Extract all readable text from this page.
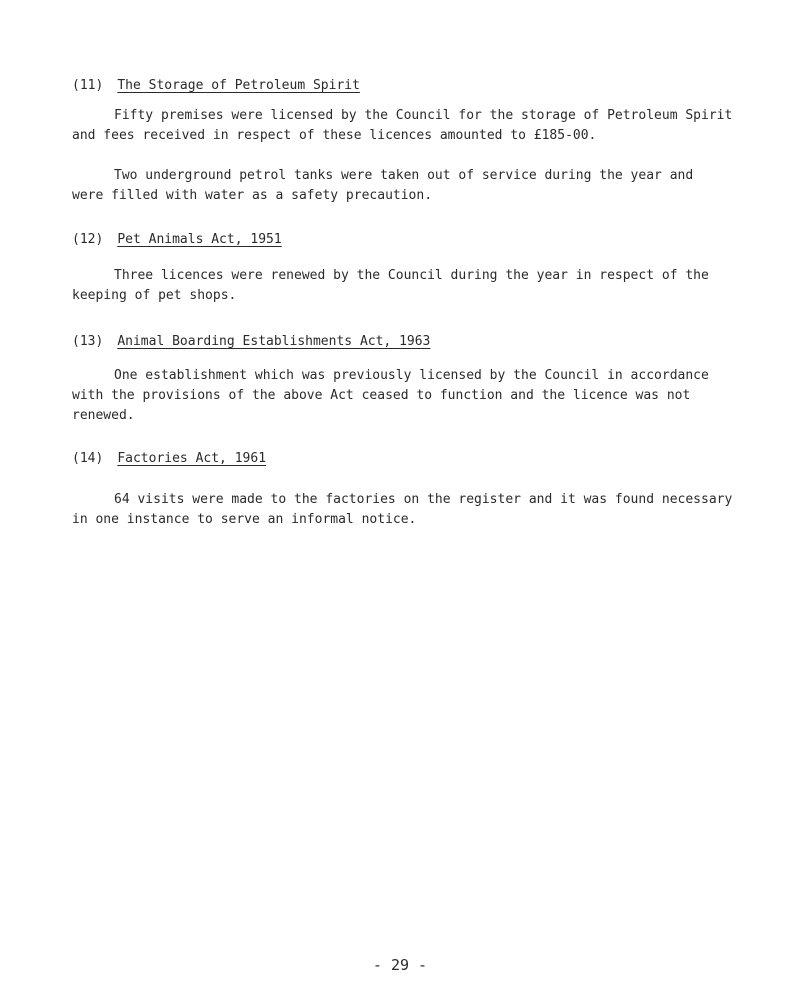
(11) The Storage of Petroleum Spirit
Fifty premises were licensed by the Council for the storage of Petroleum Spirit
and fees received in respect of these licences amounted to £185-00.
Two underground petrol tanks were taken out of service during the year and
were filled with water as a safety precaution.
(12) Pet Animals Act, 1951
Three licences were renewed by the Council during the year in respect of the
keeping of pet shops.
(13) Animal Boarding Establishments Act, 1963
One establishment which was previously licensed by the Council in accordance
with the provisions of the above Act ceased to function and the licence was not
renewed.
(14) Factories Act, 1961
64 visits were made to the factories on the register and it was found necessary
in one instance to serve an informal notice.
- 29 -
